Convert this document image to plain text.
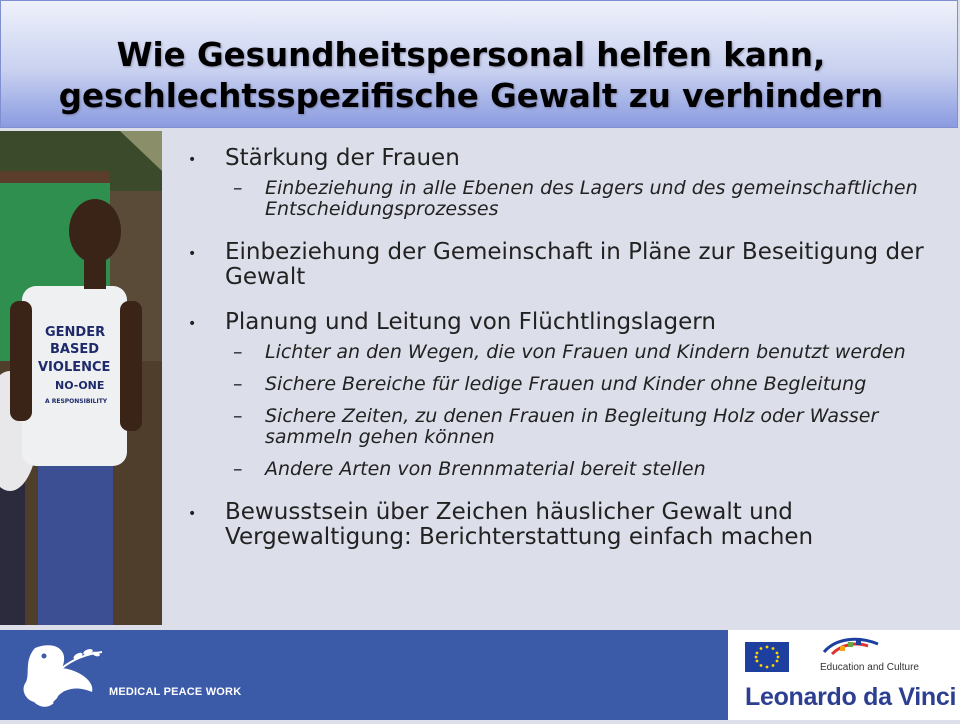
Wie Gesundheitspersonal helfen kann,
geschlechtsspezifische Gewalt zu verhindern
GENDER
BASED
VIOLENCE
NO-ONE
A RESPONSIBILITY
• Stärkung der Frauen
– Einbeziehung in alle Ebenen des Lagers und des gemeinschaftlichen Entscheidungsprozesses
• Einbeziehung der Gemeinschaft in Pläne zur Beseitigung der Gewalt
• Planung und Leitung von Flüchtlingslagern
– Lichter an den Wegen, die von Frauen und Kindern benutzt werden
– Sichere Bereiche für ledige Frauen und Kinder ohne Begleitung
– Sichere Zeiten, zu denen Frauen in Begleitung Holz oder Wasser sammeln gehen können
– Andere Arten von Brennmaterial bereit stellen
• Bewusstsein über Zeichen häuslicher Gewalt und Vergewaltigung: Berichterstattung einfach machen
MEDICAL PEACE WORK
Education and Culture
Leonardo da Vinci
